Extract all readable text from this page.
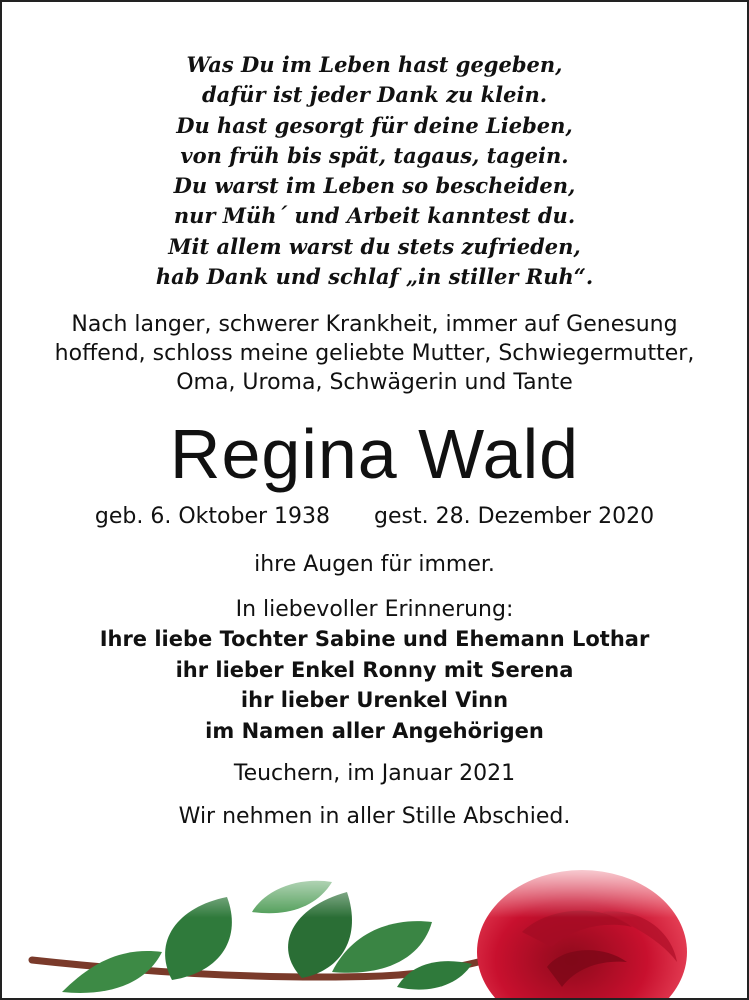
Was Du im Leben hast gegeben,
dafür ist jeder Dank zu klein.
Du hast gesorgt für deine Lieben,
von früh bis spät, tagaus, tagein.
Du warst im Leben so bescheiden,
nur Müh´ und Arbeit kanntest du.
Mit allem warst du stets zufrieden,
hab Dank und schlaf „in stiller Ruh“.
Nach langer, schwerer Krankheit, immer auf Genesung
hoffend, schloss meine geliebte Mutter, Schwiegermutter,
Oma, Uroma, Schwägerin und Tante
Regina Wald
geb. 6. Oktober 1938 gest. 28. Dezember 2020
ihre Augen für immer.
In liebevoller Erinnerung:
Ihre liebe Tochter Sabine und Ehemann Lothar
ihr lieber Enkel Ronny mit Serena
ihr lieber Urenkel Vinn
im Namen aller Angehörigen
Teuchern, im Januar 2021
Wir nehmen in aller Stille Abschied.
